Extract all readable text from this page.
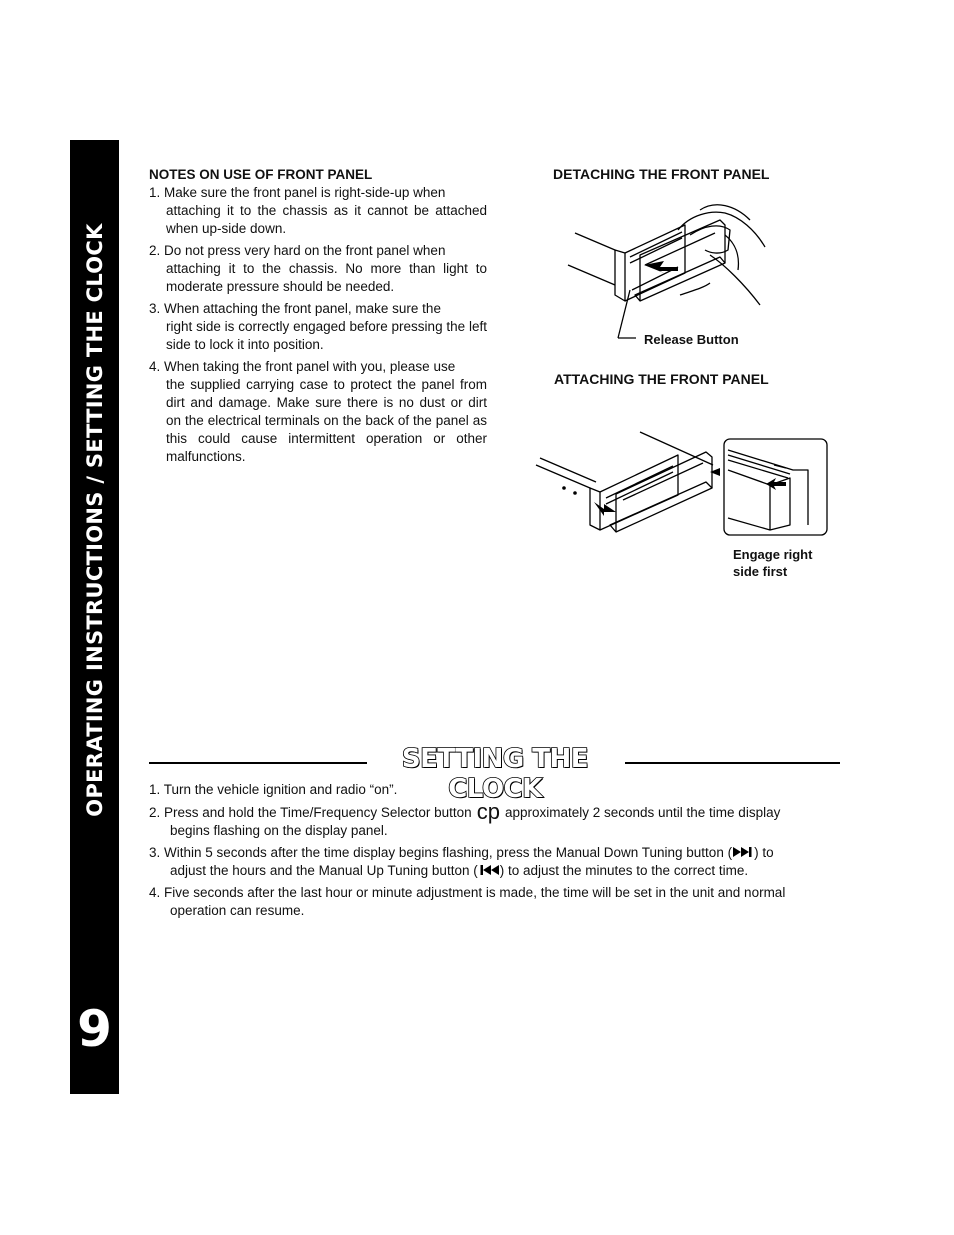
OPERATING INSTRUCTIONS / SETTING THE CLOCK
9
NOTES ON USE OF FRONT PANEL
1. Make sure the front panel is right-side-up when
attaching it to the chassis as it cannot be attached when up-side down.
2. Do not press very hard on the front panel when
attaching it to the chassis. No more than light to moderate pressure should be needed.
3. When attaching the front panel, make sure the
right side is correctly engaged before pressing the left side to lock it into position.
4. When taking the front panel with you, please use
the supplied carrying case to protect the panel from dirt and damage. Make sure there is no dust or dirt on the electrical terminals on the back of the panel as this could cause intermittent operation or other malfunctions.
DETACHING THE FRONT PANEL
Release Button
ATTACHING THE FRONT PANEL
Engage right
side first
SETTING THE CLOCK

1. Turn the vehicle ignition and radio “on”.

2. Press and hold the Time/Frequency Selector button cp approximately 2 seconds until the time display
begins flashing on the display panel.

3. Within 5 seconds after the time display begins flashing, press the Manual Down Tuning button ( ) to
adjust the hours and the Manual Up Tuning button ( ) to adjust the minutes to the correct time.

4. Five seconds after the last hour or minute adjustment is made, the time will be set in the unit and normal
operation can resume.
